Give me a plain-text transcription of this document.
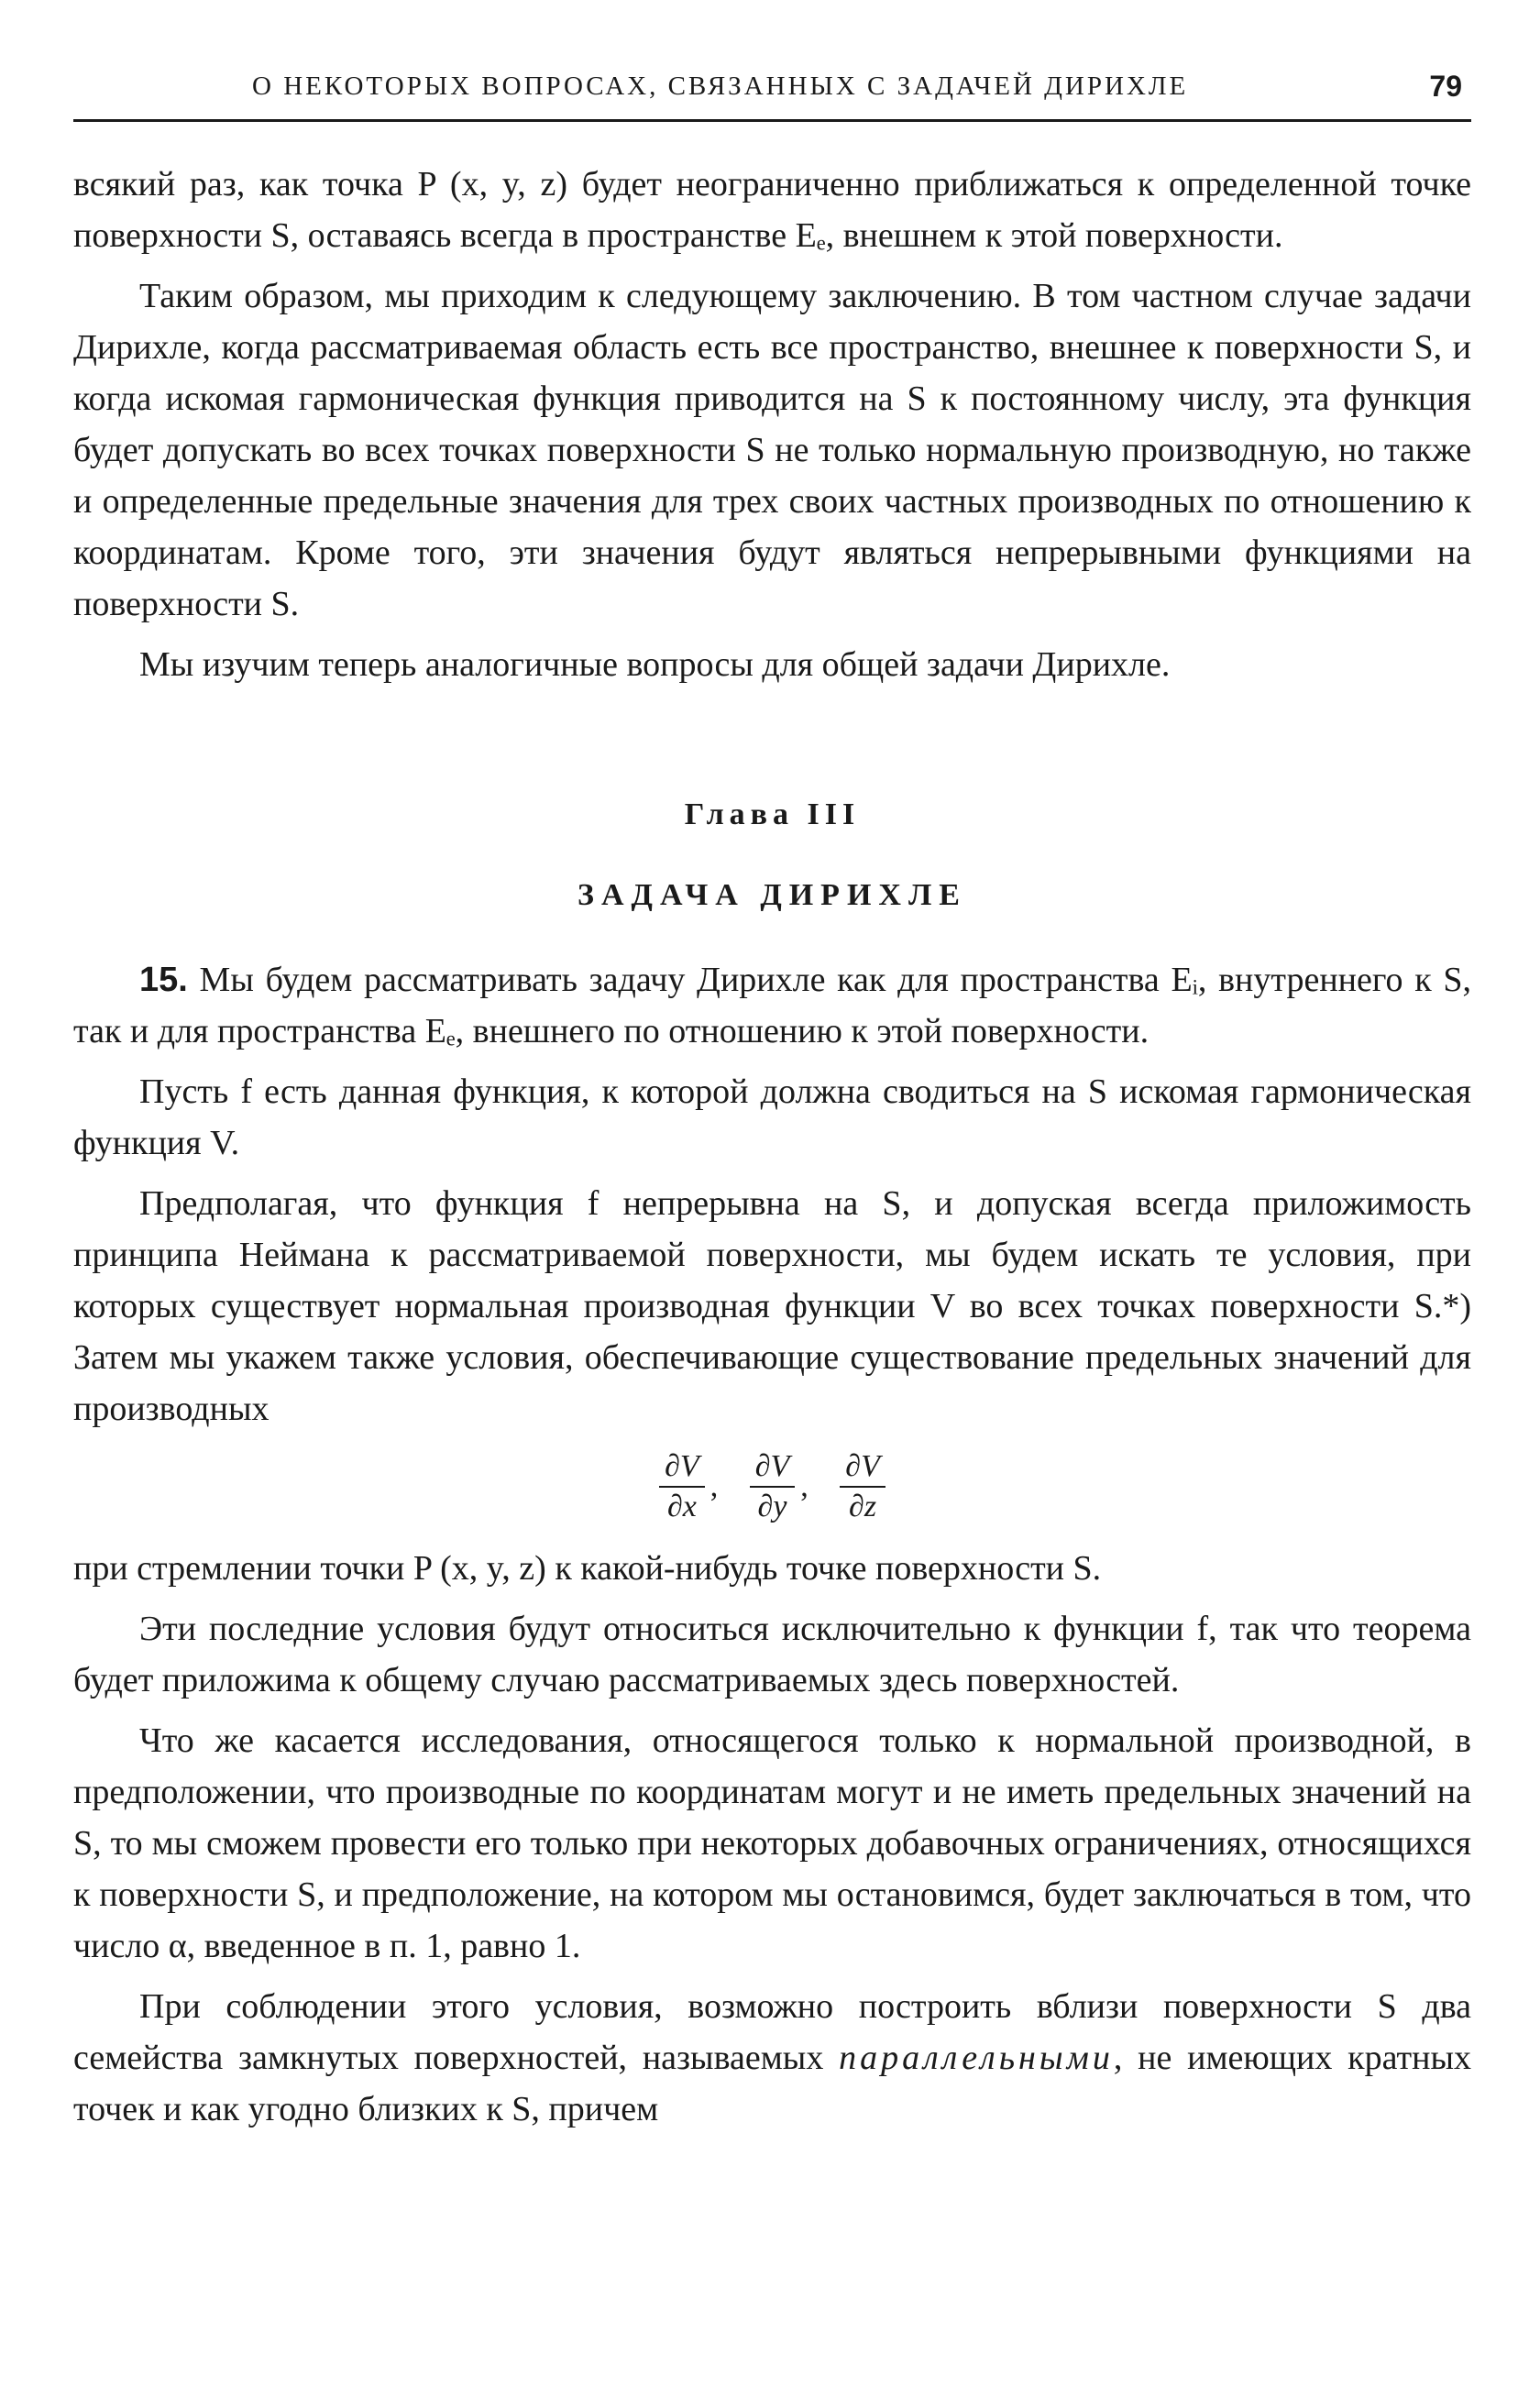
О НЕКОТОРЫХ ВОПРОСАХ, СВЯЗАННЫХ С ЗАДАЧЕЙ ДИРИХЛЕ	79

всякий раз, как точка P (x, y, z) будет неограниченно приближаться к определенной точке поверхности S, оставаясь всегда в пространстве Eₑ, внешнем к этой поверхности.

Таким образом, мы приходим к следующему заключению. В том частном случае задачи Дирихле, когда рассматриваемая область есть все пространство, внешнее к поверхности S, и когда искомая гармоническая функция приводится на S к постоянному числу, эта функция будет допускать во всех точках поверхности S не только нормальную производную, но также и определенные предельные значения для трех своих частных производных по отношению к координатам. Кроме того, эти значения будут являться непрерывными функциями на поверхности S.

Мы изучим теперь аналогичные вопросы для общей задачи Дирихле.

Глава III
ЗАДАЧА ДИРИХЛЕ

15. Мы будем рассматривать задачу Дирихле как для пространства Eᵢ, внутреннего к S, так и для пространства Eₑ, внешнего по отношению к этой поверхности.

Пусть f есть данная функция, к которой должна сводиться на S искомая гармоническая функция V.

Предполагая, что функция f непрерывна на S, и допуская всегда приложимость принципа Неймана к рассматриваемой поверхности, мы будем искать те условия, при которых существует нормальная производная функции V во всех точках поверхности S.*) Затем мы укажем также условия, обеспечивающие существование предельных значений для производных

$\frac{\partial V}{\partial x}$ , $\frac{\partial V}{\partial y}$ , $\frac{\partial V}{\partial z}$

при стремлении точки P (x, y, z) к какой-нибудь точке поверхности S.

Эти последние условия будут относиться исключительно к функции f, так что теорема будет приложима к общему случаю рассматриваемых здесь поверхностей.

Что же касается исследования, относящегося только к нормальной производной, в предположении, что производные по координатам могут и не иметь предельных значений на S, то мы сможем провести его только при некоторых добавочных ограничениях, относящихся к поверхности S, и предположение, на котором мы остановимся, будет заключаться в том, что число α, введенное в п. 1, равно 1.

При соблюдении этого условия, возможно построить вблизи поверхности S два семейства замкнутых поверхностей, называемых параллельными, не имеющих кратных точек и как угодно близких к S, причем
